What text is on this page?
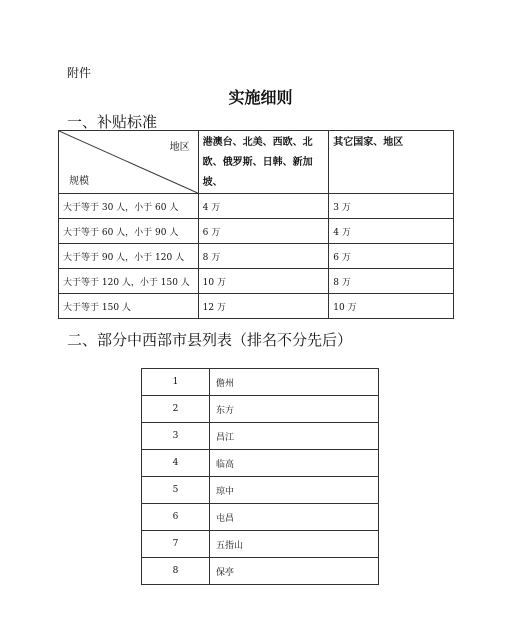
附件
实施细则
一、补贴标准
地区
规模	港澳台、北美、西欧、北欧、俄罗斯、日韩、新加坡、	其它国家、地区
大于等于 30 人，小于 60 人	4 万	3 万
大于等于 60 人，小于 90 人	6 万	4 万
大于等于 90 人，小于 120 人	8 万	6 万
大于等于 120 人，小于 150 人	10 万	8 万
大于等于 150 人	12 万	10 万
二、部分中西部市县列表（排名不分先后）
1	儋州
2	东方
3	昌江
4	临高
5	琼中
6	屯昌
7	五指山
8	保亭
